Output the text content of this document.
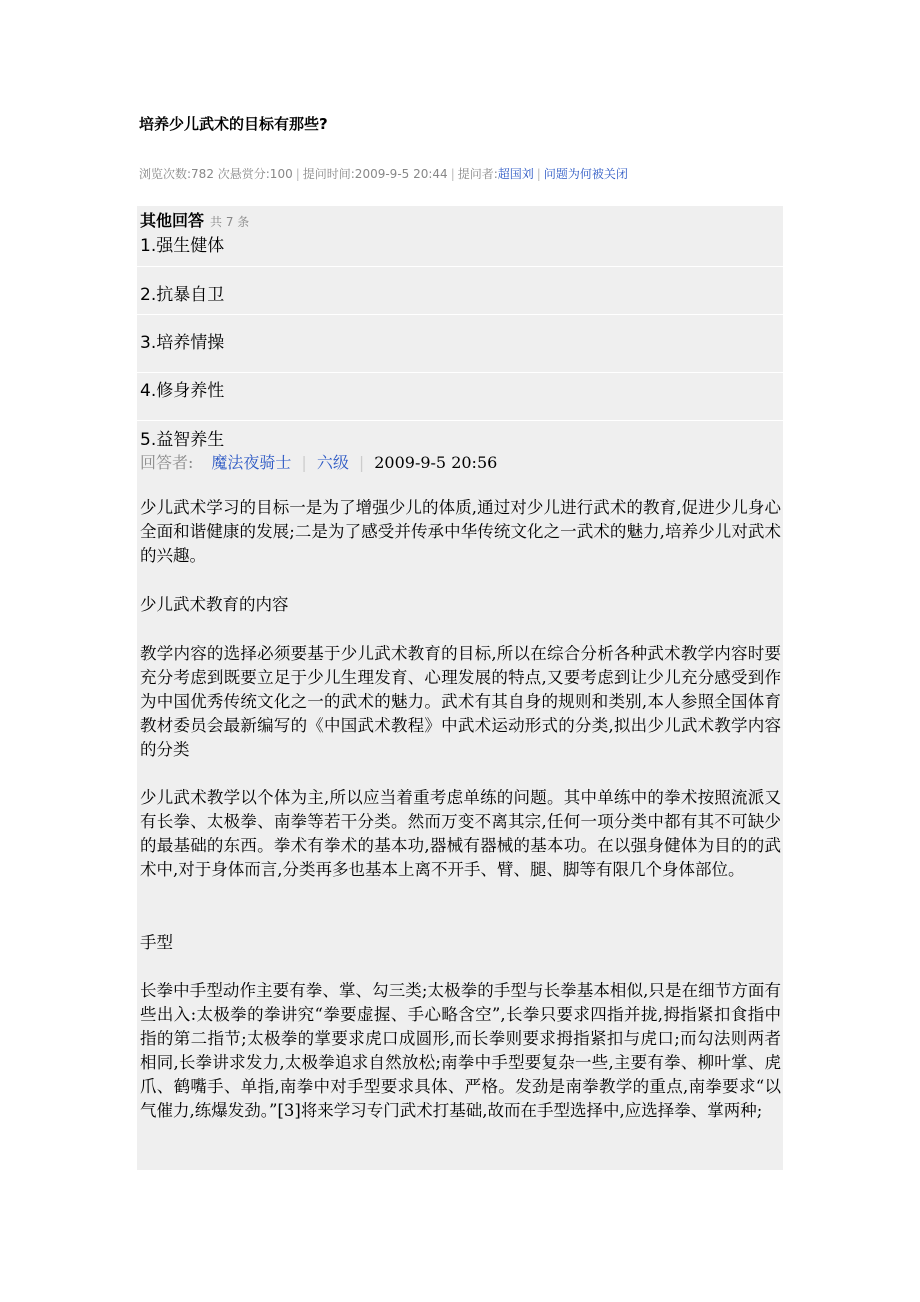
培养少儿武术的目标有那些?
浏览次数:782 次悬赏分:100 | 提问时间:2009-9-5 20:44 | 提问者:超国刘 | 问题为何被关闭
其他回答 共 7 条
1.强生健体
2.抗暴自卫
3.培养情操
4.修身养性
5.益智养生
回答者: 魔法夜骑士 | 六级 | 2009-9-5 20:56
少儿武术学习的目标一是为了增强少儿的体质,通过对少儿进行武术的教育,促进少儿身心全面和谐健康的发展;二是为了感受并传承中华传统文化之一武术的魅力,培养少儿对武术的兴趣。
少儿武术教育的内容
教学内容的选择必须要基于少儿武术教育的目标,所以在综合分析各种武术教学内容时要充分考虑到既要立足于少儿生理发育、心理发展的特点,又要考虑到让少儿充分感受到作为中国优秀传统文化之一的武术的魅力。武术有其自身的规则和类别,本人参照全国体育教材委员会最新编写的《中国武术教程》中武术运动形式的分类,拟出少儿武术教学内容的分类
少儿武术教学以个体为主,所以应当着重考虑单练的问题。其中单练中的拳术按照流派又有长拳、太极拳、南拳等若干分类。然而万变不离其宗,任何一项分类中都有其不可缺少的最基础的东西。拳术有拳术的基本功,器械有器械的基本功。在以强身健体为目的的武术中,对于身体而言,分类再多也基本上离不开手、臂、腿、脚等有限几个身体部位。
手型
长拳中手型动作主要有拳、掌、勾三类;太极拳的手型与长拳基本相似,只是在细节方面有些出入:太极拳的拳讲究“拳要虚握、手心略含空”,长拳只要求四指并拢,拇指紧扣食指中指的第二指节;太极拳的掌要求虎口成圆形,而长拳则要求拇指紧扣与虎口;而勾法则两者相同,长拳讲求发力,太极拳追求自然放松;南拳中手型要复杂一些,主要有拳、柳叶掌、虎爪、鹤嘴手、单指,南拳中对手型要求具体、严格。发劲是南拳教学的重点,南拳要求“以气催力,练爆发劲。”[3]将来学习专门武术打基础,故而在手型选择中,应选择拳、掌两种;
